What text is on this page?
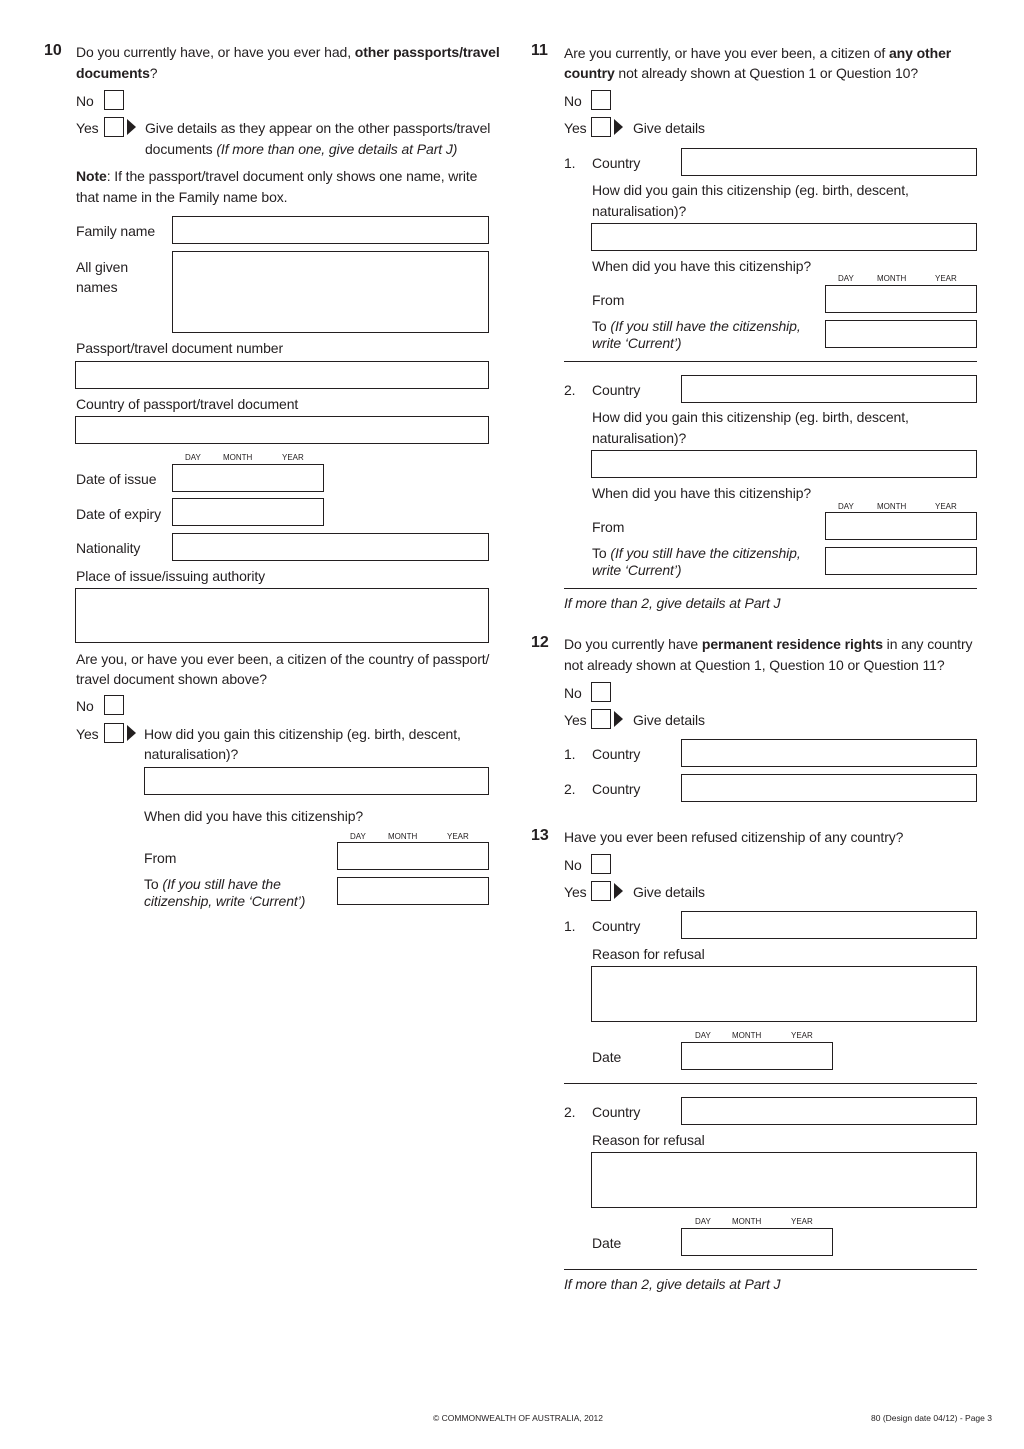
10 Do you currently have, or have you ever had, other passports/travel
documents?
No
Yes	Give details as they appear on the other passports/travel
documents (If more than one, give details at Part J)
Note: If the passport/travel document only shows one name, write
that name in the Family name box.
Family name
All given
names
Passport/travel document number
Country of passport/travel document
DAY	MONTH	YEAR
Date of issue
Date of expiry
Nationality
Place of issue/issuing authority
Are you, or have you ever been, a citizen of the country of passport/
travel document shown above?
No
Yes	How did you gain this citizenship (eg. birth, descent,
naturalisation)?
When did you have this citizenship?
DAY	MONTH	YEAR
From
To (If you still have the
citizenship, write ‘Current’)
11 Are you currently, or have you ever been, a citizen of any other
country not already shown at Question 1 or Question 10?
No
Yes	Give details
1. Country
How did you gain this citizenship (eg. birth, descent,
naturalisation)?
When did you have this citizenship?
DAY	MONTH	YEAR
From
To (If you still have the citizenship,
write ‘Current’)
2. Country
How did you gain this citizenship (eg. birth, descent,
naturalisation)?
When did you have this citizenship?
DAY	MONTH	YEAR
From
To (If you still have the citizenship,
write ‘Current’)
If more than 2, give details at Part J
12 Do you currently have permanent residence rights in any country
not already shown at Question 1, Question 10 or Question 11?
No
Yes	Give details
1. Country
2. Country
13 Have you ever been refused citizenship of any country?
No
Yes	Give details
1. Country
Reason for refusal
DAY	MONTH	YEAR
Date
2. Country
Reason for refusal
DAY	MONTH	YEAR
Date
If more than 2, give details at Part J
© COMMONWEALTH OF AUSTRALIA, 2012	80 (Design date 04/12) - Page 3
